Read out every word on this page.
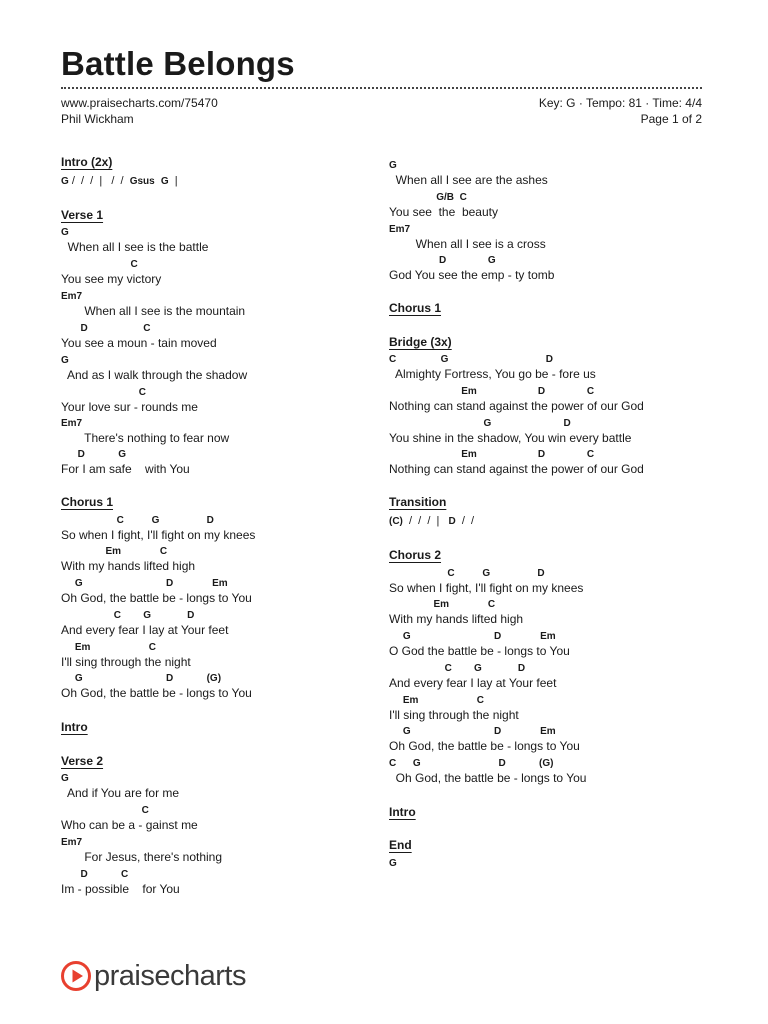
Battle Belongs
www.praisecharts.com/75470
Phil Wickham
Key: G · Tempo: 81 · Time: 4/4
Page 1 of 2
Intro (2x)
G /  /  /  |   /  /  Gsus G  |
Verse 1
G
When all I see is the battle
C
You see my victory
Em7
When all I see is the mountain
D                    C
You see a moun - tain moved
G
And as I walk through the shadow
C
Your love sur - rounds me
Em7
There's nothing to fear now
D            G
For I am safe    with You
Chorus 1
C          G                 D
So when I fight, I'll fight on my knees
Em              C
With my hands lifted high
G                              D              Em
Oh God, the battle be - longs to You
C        G             D
And every fear I lay at Your feet
Em                     C
I'll sing through the night
G                              D            (G)
Oh God, the battle be - longs to You
Intro
Verse 2
G
And if You are for me
C
Who can be a - gainst me
Em7
For Jesus, there's nothing
D            C
Im - possible    for You
G
When all I see are the ashes
G/B  C
You see  the  beauty
Em7
When all I see is a cross
D               G
God You see the emp - ty tomb
Chorus 1
Bridge (3x)
C                G                                   D
Almighty Fortress, You go be - fore us
Em                      D               C
Nothing can stand against the power of our God
G                          D
You shine in the shadow, You win every battle
Em                      D               C
Nothing can stand against the power of our God
Transition
(C)  /  /  /  |   D  /  /
Chorus 2
C          G                 D
So when I fight, I'll fight on my knees
Em              C
With my hands lifted high
G                              D              Em
O God the battle be - longs to You
C        G             D
And every fear I lay at Your feet
Em                     C
I'll sing through the night
G                              D              Em
Oh God, the battle be - longs to You
C      G                            D            (G)
Oh God, the battle be - longs to You
Intro
End
G
praisecharts
